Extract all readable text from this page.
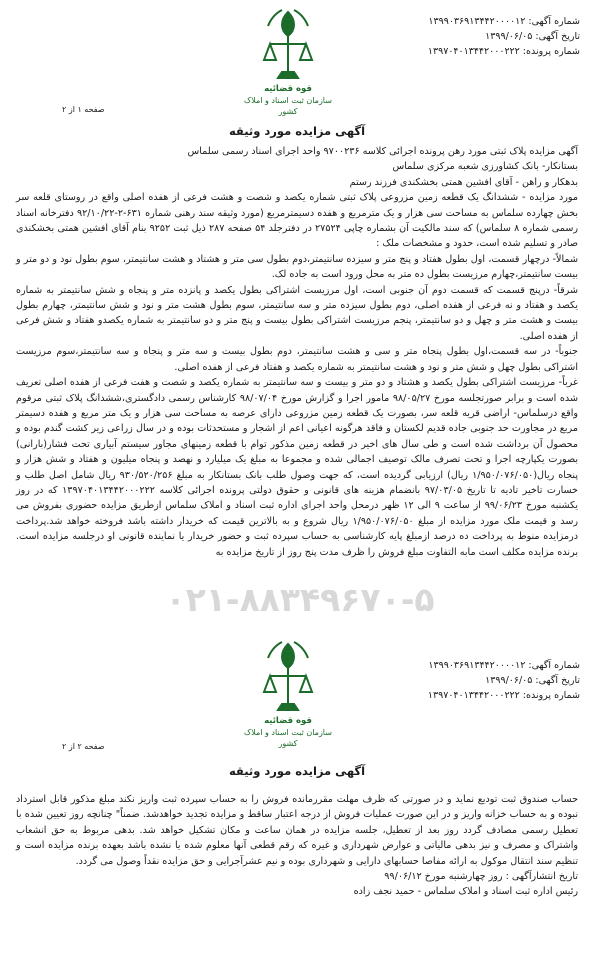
شماره آگهی: ۱۳۹۹۰۳۶۹۱۳۴۴۲۰۰۰۰۱۲
تاریخ آگهی: ۱۳۹۹/۰۶/۰۵
شماره پرونده: ۱۳۹۷۰۴۰۱۳۴۴۲۰۰۰۲۲۲
قوه قضائیه
سازمان ثبت اسناد و املاک کشور
صفحه ۱ از ۲
آگهی مزایده مورد وثیقه

آگهی مزایده پلاک ثبتی مورد رهن پرونده اجرائی کلاسه ۹۷۰۰۲۳۶ واحد اجرای اسناد رسمی سلماس

بستانکار- بانک کشاورزی شعبه مرکزی سلماس

بدهکار و راهن - آقای افشین همتی بخشکندی فرزند رستم

مورد مزایده - ششدانگ یک قطعه زمین مزروعی پلاک ثبتی شماره یکصد و شصت و هشت فرعی از هفده اصلی واقع در روستای قلعه سر بخش چهارده سلماس به مساحت سی هزار و یک مترمربع و هفده دسیمترمربع (مورد وثیقه سند رهنی شماره ۶۳۱-۲-۹۲/۱۰/۲۲ دفترخانه اسناد رسمی شماره ۸ سلماس) که سند مالکیت آن بشماره چاپی ۲۷۵۲۴ در دفترجلد ۵۴ صفحه ۲۸۷ ذیل ثبت ۹۲۵۲ بنام آقای افشین همتی بخشکندی صادر و تسلیم شده است، حدود و مشخصات ملک :

شمالاً- درچهار قسمت، اول بطول هفتاد و پنج متر و سیزده سانتیمتر،دوم بطول سی متر و هشتاد و هشت سانتیمتر، سوم بطول نود و دو متر و بیست سانتیمتر،چهارم مرزیست بطول ده متر به محل ورود است به جاده لک.

شرقاً- درپنج قسمت که قسمت دوم آن جنوبی است، اول مرزیست اشتراکی بطول یکصد و پانزده متر و پنجاه و شش سانتیمتر به شماره یکصد و هفتاد و نه فرعی از هفده اصلی، دوم بطول سیزده متر و سه سانتیمتر، سوم بطول هشت متر و نود و شش سانتیمتر، چهارم بطول بیست و هشت متر و چهل و دو سانتیمتر، پنجم مرزیست اشتراکی بطول بیست و پنج متر و دو سانتیمتر به شماره یکصدو هفتاد و شش فرعی از هفده اصلی.

جنوباً- در سه قسمت،اول بطول پنجاه متر و سی و هشت سانتیمتر، دوم بطول بیست و سه متر و پنجاه و سه سانتیمتر،سوم مرزیست اشتراکی بطول چهل و شش متر و نود و هشت سانتیمتر به شماره یکصد و هفتاد فرعی از هفده اصلی.

غرباً- مرزیست اشتراکی بطول یکصد و هشتاد و دو متر و بیست و سه سانتیمتر به شماره یکصد و شصت و هفت فرعی از هفده اصلی تعریف شده است و برابر صورتجلسه مورخ ۹۸/۰۵/۲۷ مامور اجرا و گزارش مورخ ۹۸/۰۷/۰۴ کارشناس رسمی دادگستری،ششدانگ پلاک ثبتی مرقوم واقع درسلماس- اراضی قریه قلعه سر، بصورت یک قطعه زمین مزروعی دارای عرصه به مساحت سی هزار و یک متر مربع و هفده دسیمتر مربع در مجاورت حد جنوبی جاده قدیم لکستان و فاقد هرگونه اعیانی اعم از اشجار و مستحدثات بوده و در سال زراعی زیر کشت گندم بوده و محصول آن برداشت شده است و طی سال های اخیر در قطعه زمین مذکور توام با قطعه زمینهای مجاور سیستم آبیاری تحت فشار(بارانی) بصورت یکپارچه اجرا و تحت تصرف مالک توصیف اجمالی شده و مجموعا به مبلغ یک میلیارد و نهصد و پنجاه میلیون و هفتاد و شش هزار و پنجاه ریال(۱/۹۵۰/۰۷۶/۰۵۰ ریال) ارزیابی گردیده است، که جهت وصول طلب بانک بستانکار به مبلغ ۹۳۰/۵۲۰/۲۵۶ ریال شامل اصل طلب و خسارت تاخیر تادیه تا تاریخ ۹۷/۰۳/۰۵ بانضمام هزینه های قانونی و حقوق دولتی پرونده اجرائی کلاسه ۱۳۹۷۰۴۰۱۳۴۴۲۰۰۰۲۲۲ که در روز یکشنبه مورخ ۹۹/۰۶/۲۳ از ساعت ۹ الی ۱۲ ظهر درمحل واحد اجرای اداره ثبت اسناد و املاک سلماس ازطریق مزایده حضوری بفروش می رسد و قیمت ملک مورد مزایده از مبلغ ۱/۹۵۰/۰۷۶/۰۵۰ ریال شروع و به بالاترین قیمت که خریدار داشته باشد فروخته خواهد شد.پرداخت درمزایده منوط به پرداخت ده درصد ازمبلغ پایه کارشناسی به حساب سپرده ثبت و حضور خریدار یا نماینده قانونی او درجلسه مزایده است. برنده مزایده مکلف است مابه التفاوت مبلغ فروش را ظرف مدت پنج روز از تاریخ مزایده به

۰۲۱-۸۸۳۴۹۶۷۰-۵
شماره آگهی: ۱۳۹۹۰۳۶۹۱۳۴۴۲۰۰۰۰۱۲
تاریخ آگهی: ۱۳۹۹/۰۶/۰۵
شماره پرونده: ۱۳۹۷۰۴۰۱۳۴۴۲۰۰۰۲۲۲
قوه قضائیه
سازمان ثبت اسناد و املاک کشور
صفحه ۲ از ۲
آگهی مزایده مورد وثیقه

حساب صندوق ثبت تودیع نماید و در صورتی که ظرف مهلت مقررمانده فروش را به حساب سپرده ثبت واریز نکند مبلغ مذکور قابل استرداد نبوده و به حساب خزانه واریز و در این صورت عملیات فروش از درجه اعتبار ساقط و مزایده تجدید خواهدشد. ضمناً" چنانچه روز تعیین شده با تعطیل رسمی مصادف گردد روز بعد از تعطیل، جلسه مزایده در همان ساعت و مکان تشکیل خواهد شد. بدهی مربوط به حق انشعاب واشتراک و مصرف و نیز بدهی مالیاتی و عوارض شهرداری و غیره که رقم قطعی آنها معلوم شده یا نشده باشد بعهده برنده مزایده است و تنظیم سند انتقال موکول به ارائه مفاصا حسابهای دارایی و شهرداری بوده و نیم عشرآجرایی و حق مزایده نقداً وصول می گردد.

تاریخ انتشارآگهی : روز چهارشنبه مورخ ۹۹/۰۶/۱۲

رئیس اداره ثبت اسناد و املاک سلماس - حمید نجف زاده
